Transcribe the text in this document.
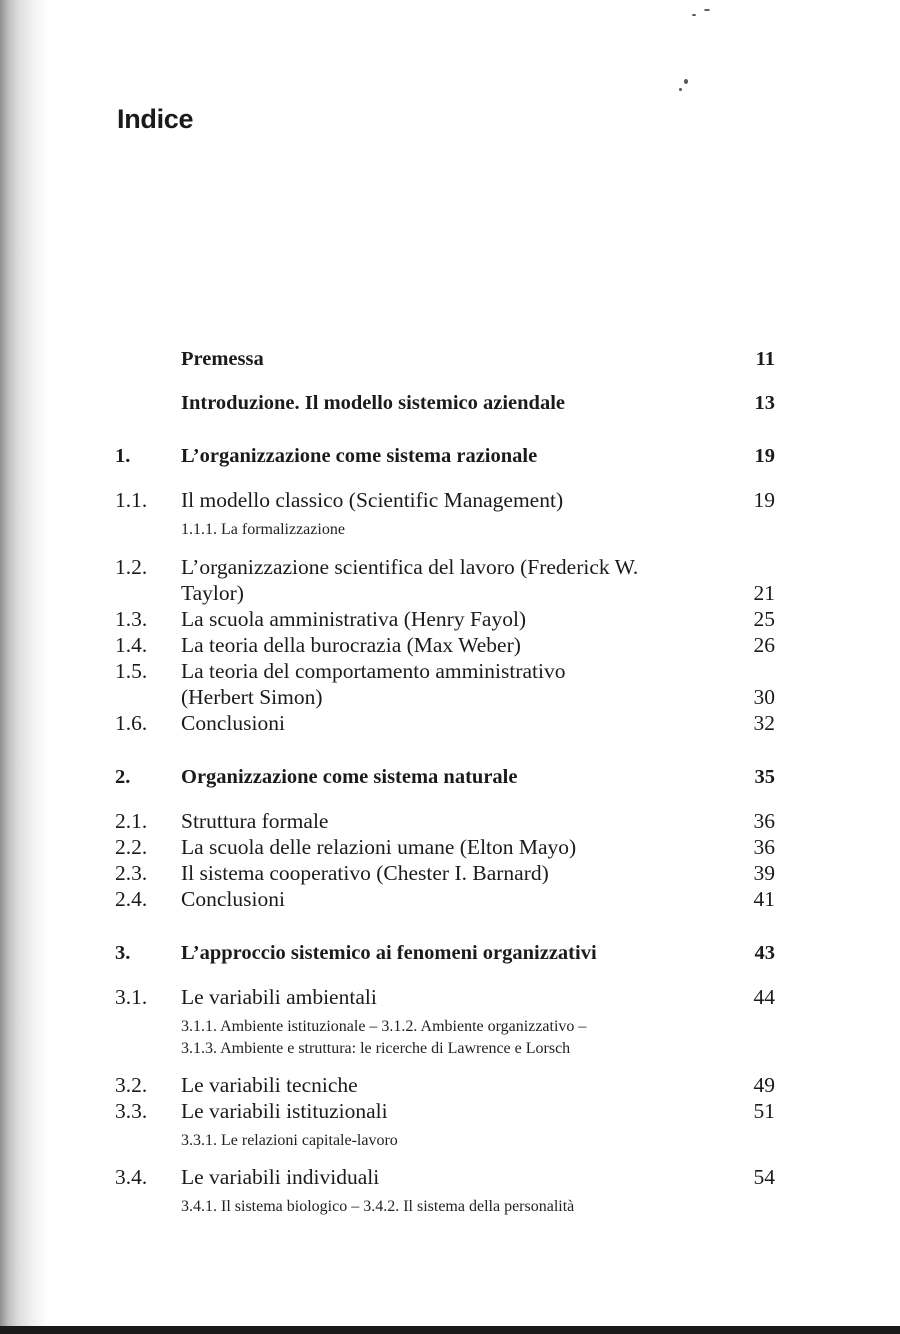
Indice
Premessa	11
Introduzione. Il modello sistemico aziendale	13
1. L’organizzazione come sistema razionale	19
1.1. Il modello classico (Scientific Management)	19
1.1.1. La formalizzazione
1.2. L’organizzazione scientifica del lavoro (Frederick W.
Taylor)	21
1.3. La scuola amministrativa (Henry Fayol)	25
1.4. La teoria della burocrazia (Max Weber)	26
1.5. La teoria del comportamento amministrativo
(Herbert Simon)	30
1.6. Conclusioni	32
2. Organizzazione come sistema naturale	35
2.1. Struttura formale	36
2.2. La scuola delle relazioni umane (Elton Mayo)	36
2.3. Il sistema cooperativo (Chester I. Barnard)	39
2.4. Conclusioni	41
3. L’approccio sistemico ai fenomeni organizzativi	43
3.1. Le variabili ambientali	44
3.1.1. Ambiente istituzionale – 3.1.2. Ambiente organizzativo –
3.1.3. Ambiente e struttura: le ricerche di Lawrence e Lorsch
3.2. Le variabili tecniche	49
3.3. Le variabili istituzionali	51
3.3.1. Le relazioni capitale-lavoro
3.4. Le variabili individuali	54
3.4.1. Il sistema biologico – 3.4.2. Il sistema della personalità
